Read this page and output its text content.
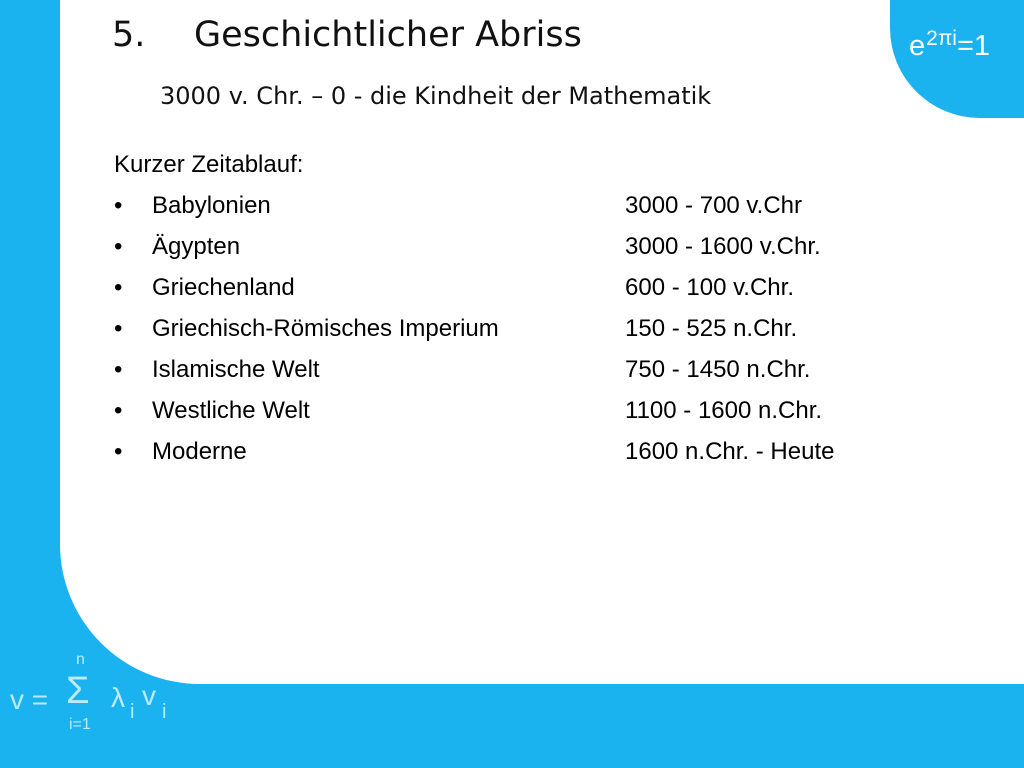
$e^{2\pi i}=1$
5. Geschichtlicher Abriss
3000 v. Chr. – 0 - die Kindheit der Mathematik
Kurzer Zeitablauf:
• Babylonien	3000 - 700 v.Chr
• Ägypten	3000 - 1600 v.Chr.
• Griechenland	600 - 100 v.Chr.
• Griechisch-Römisches Imperium	150 - 525 n.Chr.
• Islamische Welt	750 - 1450 n.Chr.
• Westliche Welt	1100 - 1600 n.Chr.
• Moderne	1600 n.Chr. - Heute
v =
n
Σ
i=1
λ i
v
i
